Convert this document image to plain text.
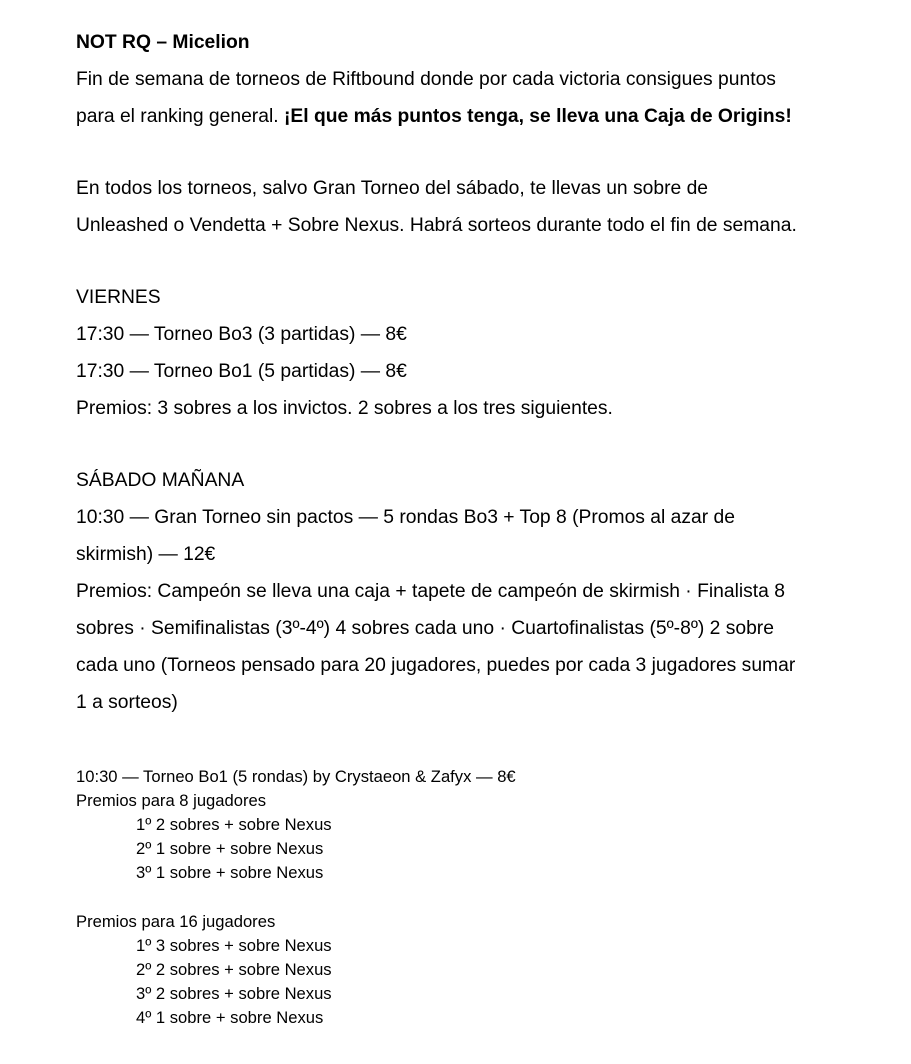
NOT RQ – Micelion

Fin de semana de torneos de Riftbound donde por cada victoria consigues puntos

para el ranking general. ¡El que más puntos tenga, se lleva una Caja de Origins!

En todos los torneos, salvo Gran Torneo del sábado, te llevas un sobre de

Unleashed o Vendetta + Sobre Nexus. Habrá sorteos durante todo el fin de semana.

VIERNES

17:30 — Torneo Bo3 (3 partidas) — 8€

17:30 — Torneo Bo1 (5 partidas) — 8€

Premios: 3 sobres a los invictos. 2 sobres a los tres siguientes.

SÁBADO MAÑANA

10:30 — Gran Torneo sin pactos — 5 rondas Bo3 + Top 8 (Promos al azar de

skirmish) — 12€

Premios: Campeón se lleva una caja + tapete de campeón de skirmish · Finalista 8

sobres · Semifinalistas (3º-4º) 4 sobres cada uno · Cuartofinalistas (5º-8º) 2 sobre

cada uno (Torneos pensado para 20 jugadores, puedes por cada 3 jugadores sumar

1 a sorteos)

10:30 — Torneo Bo1 (5 rondas) by Crystaeon & Zafyx — 8€

Premios para 8 jugadores

1º 2 sobres + sobre Nexus

2º 1 sobre + sobre Nexus

3º 1 sobre + sobre Nexus

Premios para 16 jugadores

1º 3 sobres + sobre Nexus

2º 2 sobres + sobre Nexus

3º 2 sobres + sobre Nexus

4º 1 sobre + sobre Nexus
